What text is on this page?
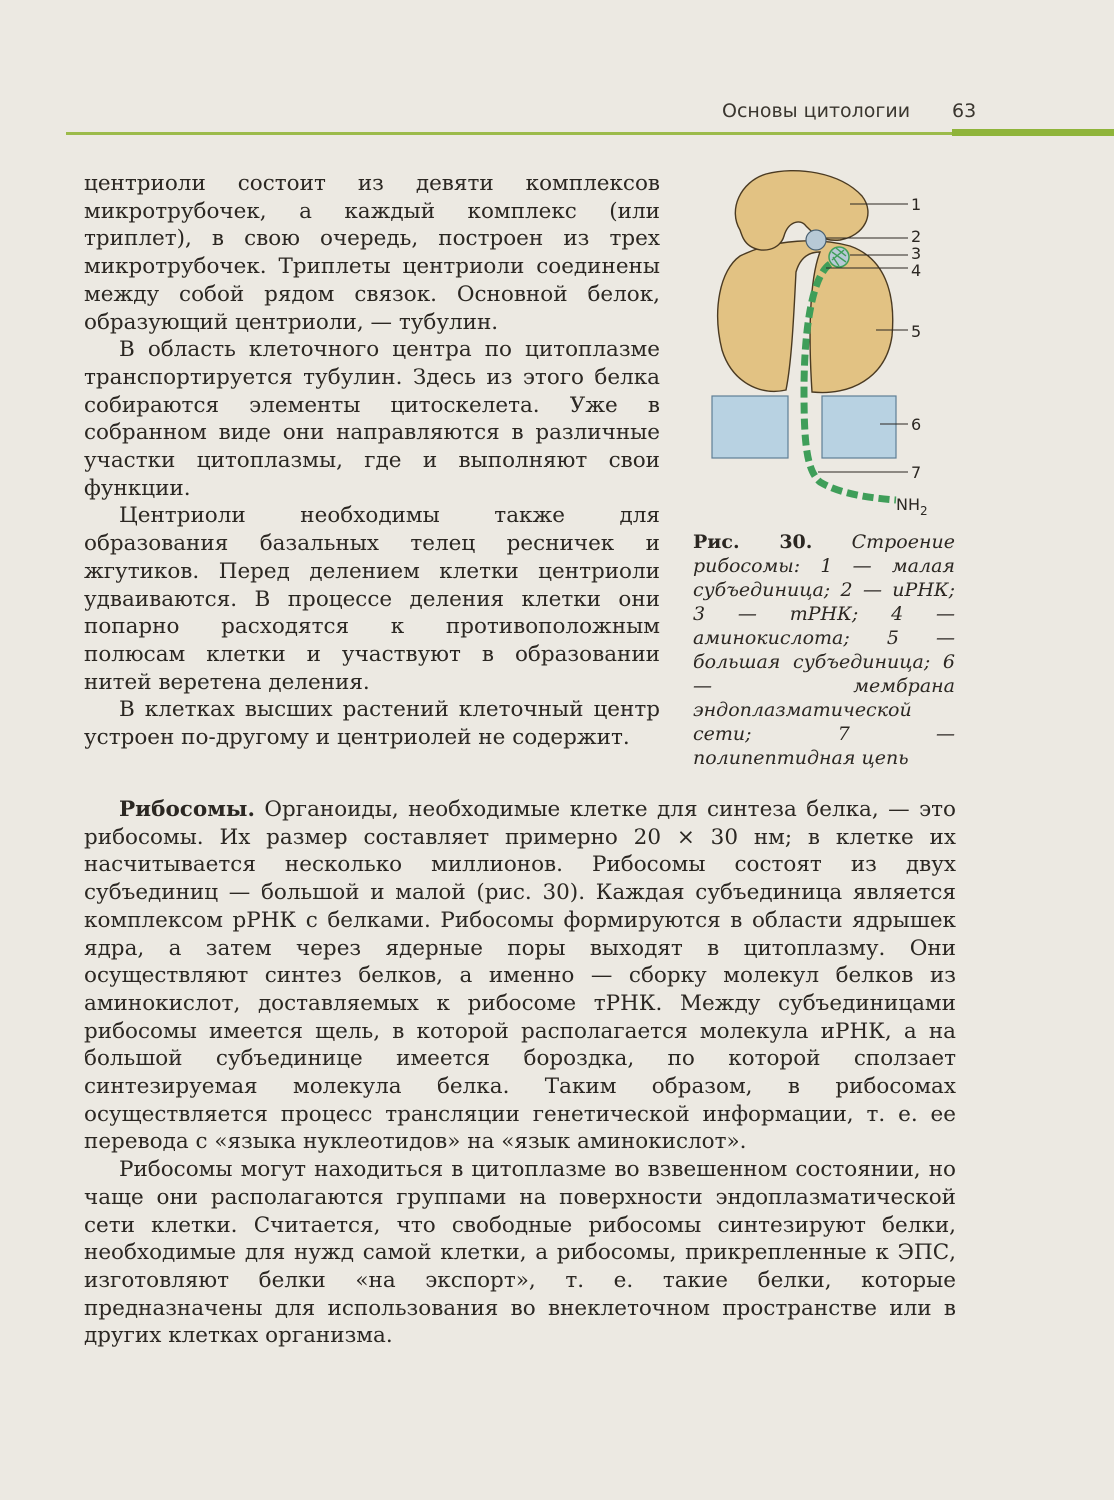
Основы цитологии 63

центриоли состоит из девяти комплексов микротрубочек, а каждый комплекс (или триплет), в свою очередь, построен из трех микротрубочек. Триплеты центриоли соединены между собой рядом связок. Основной белок, образующий центриоли, — тубулин.

В область клеточного центра по цитоплазме транспортируется тубулин. Здесь из этого белка собираются элементы цитоскелета. Уже в собранном виде они направляются в различные участки цитоплазмы, где и выполняют свои функции.

Центриоли необходимы также для образования базальных телец ресничек и жгутиков. Перед делением клетки центриоли удваиваются. В процессе деления клетки они попарно расходятся к противоположным полюсам клетки и участвуют в образовании нитей веретена деления.

В клетках высших растений клеточный центр устроен по-другому и центриолей не содержит.

1
2
3
4
5
6
7
$NH_2$
Рис. 30. Строение рибосомы: 1 — малая субъединица; 2 — иРНК; 3 — тРНК; 4 — аминокислота; 5 — большая субъединица; 6 — мембрана эндоплазматической сети; 7 — полипептидная цепь

Рибосомы. Органоиды, необходимые клетке для синтеза белка, — это рибосомы. Их размер составляет примерно 20 × 30 нм; в клетке их насчитывается несколько миллионов. Рибосомы состоят из двух субъединиц — большой и малой (рис. 30). Каждая субъединица является комплексом рРНК с белками. Рибосомы формируются в области ядрышек ядра, а затем через ядерные поры выходят в цитоплазму. Они осуществляют синтез белков, а именно — сборку молекул белков из аминокислот, доставляемых к рибосоме тРНК. Между субъединицами рибосомы имеется щель, в которой располагается молекула иРНК, а на большой субъединице имеется бороздка, по которой сползает синтезируемая молекула белка. Таким образом, в рибосомах осуществляется процесс трансляции генетической информации, т. е. ее перевода с «языка нуклеотидов» на «язык аминокислот».

Рибосомы могут находиться в цитоплазме во взвешенном состоянии, но чаще они располагаются группами на поверхности эндоплазматической сети клетки. Считается, что свободные рибосомы синтезируют белки, необходимые для нужд самой клетки, а рибосомы, прикрепленные к ЭПС, изготовляют белки «на экспорт», т. е. такие белки, которые предназначены для использования во внеклеточном пространстве или в других клетках организма.
